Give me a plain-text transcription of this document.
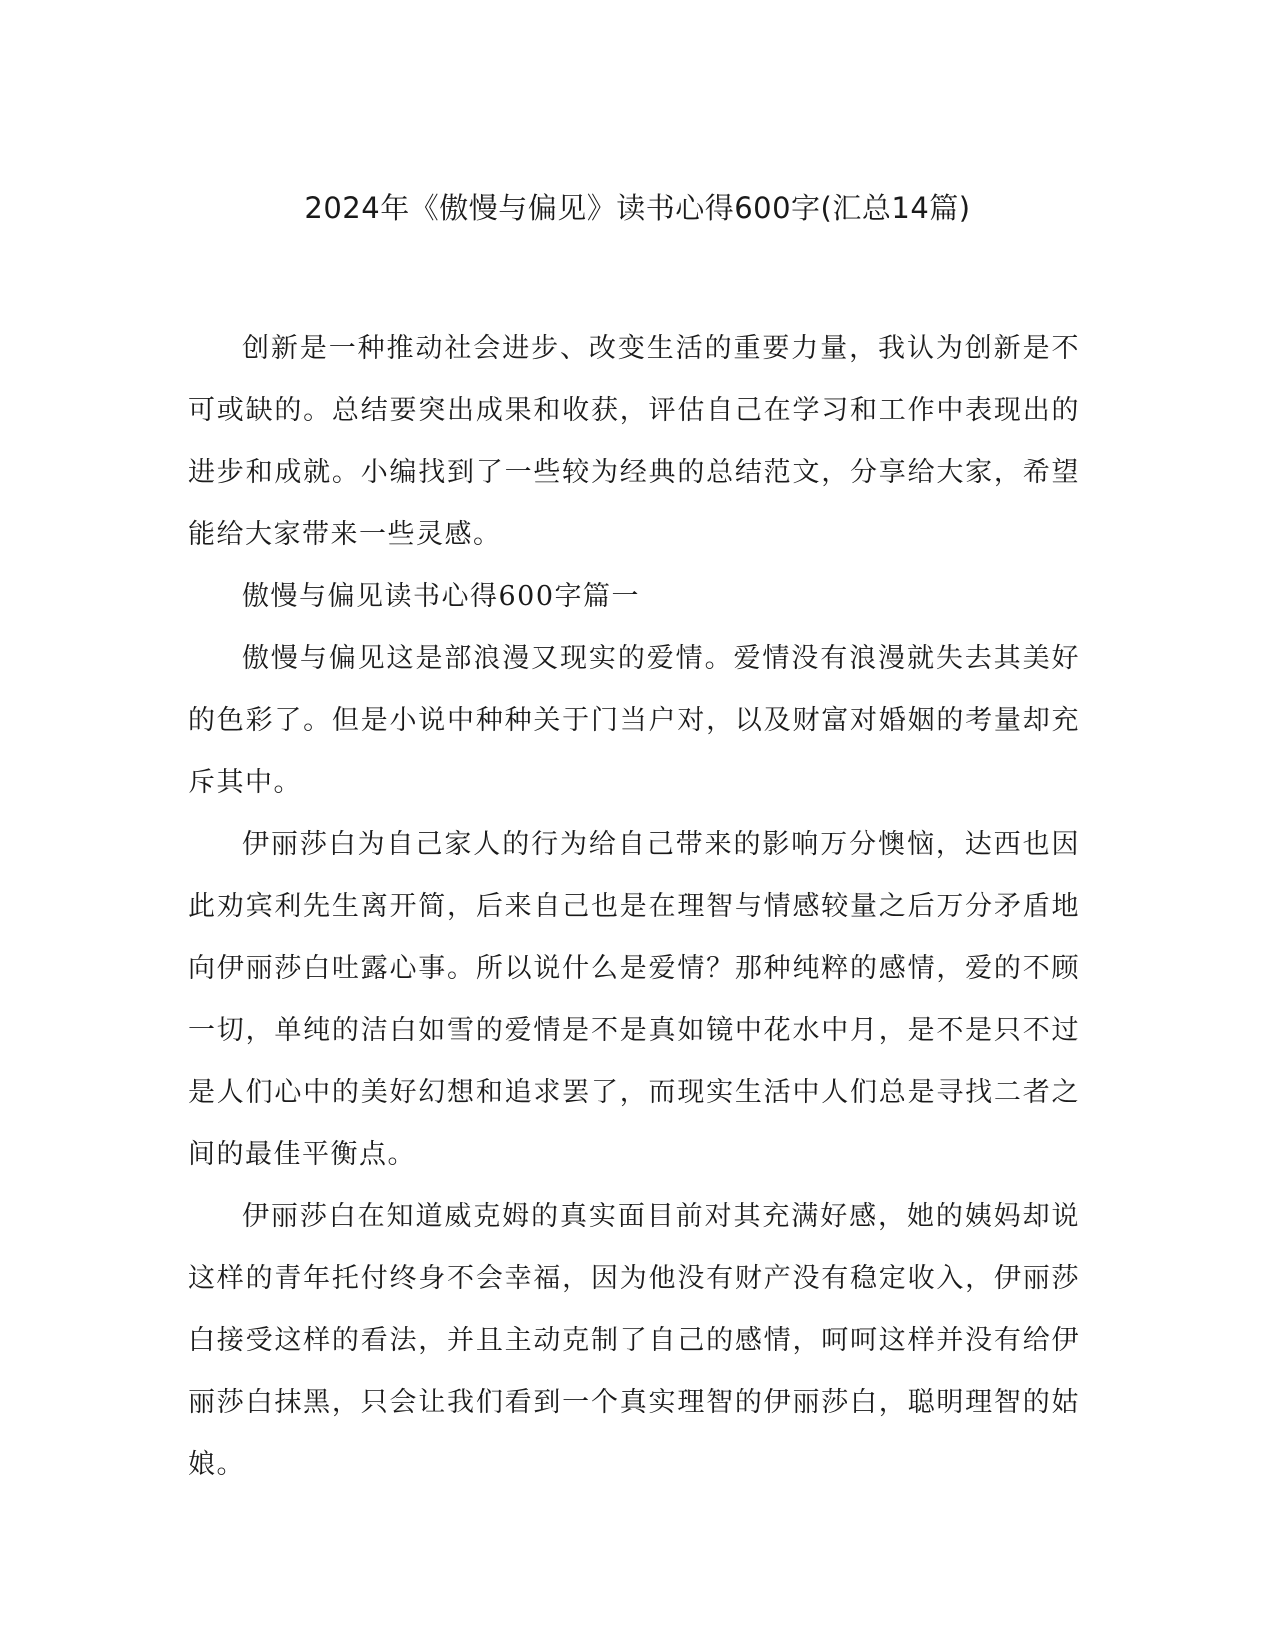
2024年《傲慢与偏见》读书心得600字(汇总14篇)

创新是一种推动社会进步、改变生活的重要力量，我认为创新是不可或缺的。总结要突出成果和收获，评估自己在学习和工作中表现出的进步和成就。小编找到了一些较为经典的总结范文，分享给大家，希望能给大家带来一些灵感。

傲慢与偏见读书心得600字篇一

傲慢与偏见这是部浪漫又现实的爱情。爱情没有浪漫就失去其美好的色彩了。但是小说中种种关于门当户对，以及财富对婚姻的考量却充斥其中。

伊丽莎白为自己家人的行为给自己带来的影响万分懊恼，达西也因此劝宾利先生离开简，后来自己也是在理智与情感较量之后万分矛盾地向伊丽莎白吐露心事。所以说什么是爱情？那种纯粹的感情，爱的不顾一切，单纯的洁白如雪的爱情是不是真如镜中花水中月，是不是只不过是人们心中的美好幻想和追求罢了，而现实生活中人们总是寻找二者之间的最佳平衡点。

伊丽莎白在知道威克姆的真实面目前对其充满好感，她的姨妈却说这样的青年托付终身不会幸福，因为他没有财产没有稳定收入，伊丽莎白接受这样的看法，并且主动克制了自己的感情，呵呵这样并没有给伊丽莎白抹黑，只会让我们看到一个真实理智的伊丽莎白，聪明理智的姑娘。
